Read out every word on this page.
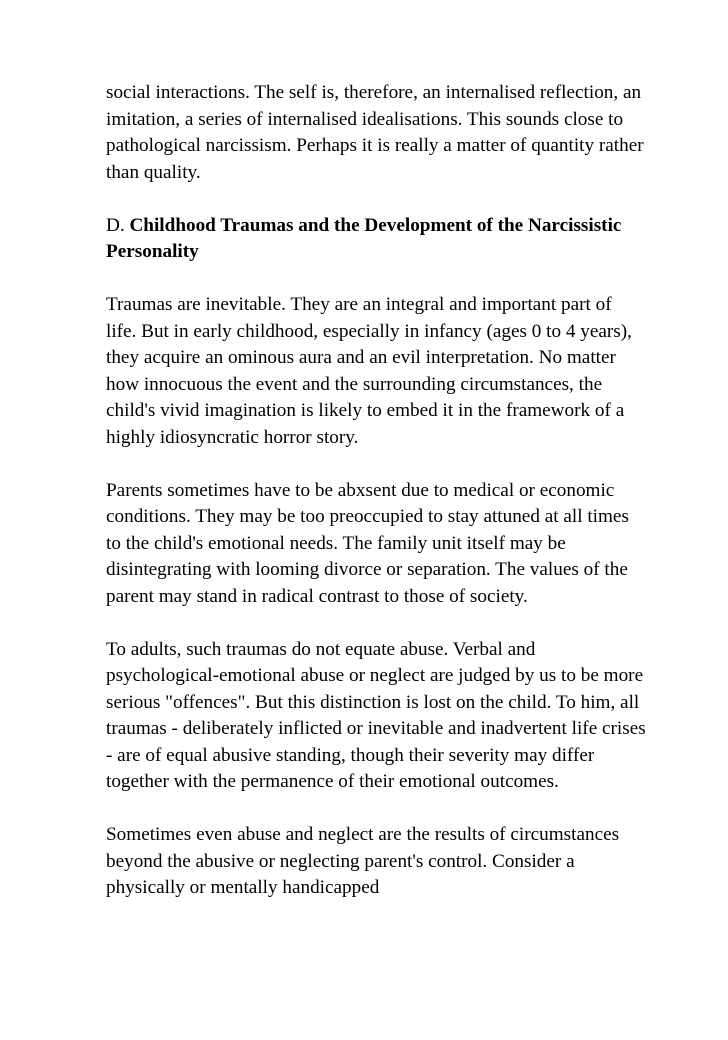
social interactions. The self is, therefore, an internalised reflection, an imitation, a series of internalised idealisations. This sounds close to pathological narcissism. Perhaps it is really a matter of quantity rather than quality.

D. Childhood Traumas and the Development of the Narcissistic Personality

Traumas are inevitable. They are an integral and important part of life. But in early childhood, especially in infancy (ages 0 to 4 years), they acquire an ominous aura and an evil interpretation. No matter how innocuous the event and the surrounding circumstances, the child's vivid imagination is likely to embed it in the framework of a highly idiosyncratic horror story.

Parents sometimes have to be abxsent due to medical or economic conditions. They may be too preoccupied to stay attuned at all times to the child's emotional needs. The family unit itself may be disintegrating with looming divorce or separation. The values of the parent may stand in radical contrast to those of society.

To adults, such traumas do not equate abuse. Verbal and psychological-emotional abuse or neglect are judged by us to be more serious "offences". But this distinction is lost on the child. To him, all traumas - deliberately inflicted or inevitable and inadvertent life crises - are of equal abusive standing, though their severity may differ together with the permanence of their emotional outcomes.

Sometimes even abuse and neglect are the results of circumstances beyond the abusive or neglecting parent's control. Consider a physically or mentally handicapped
